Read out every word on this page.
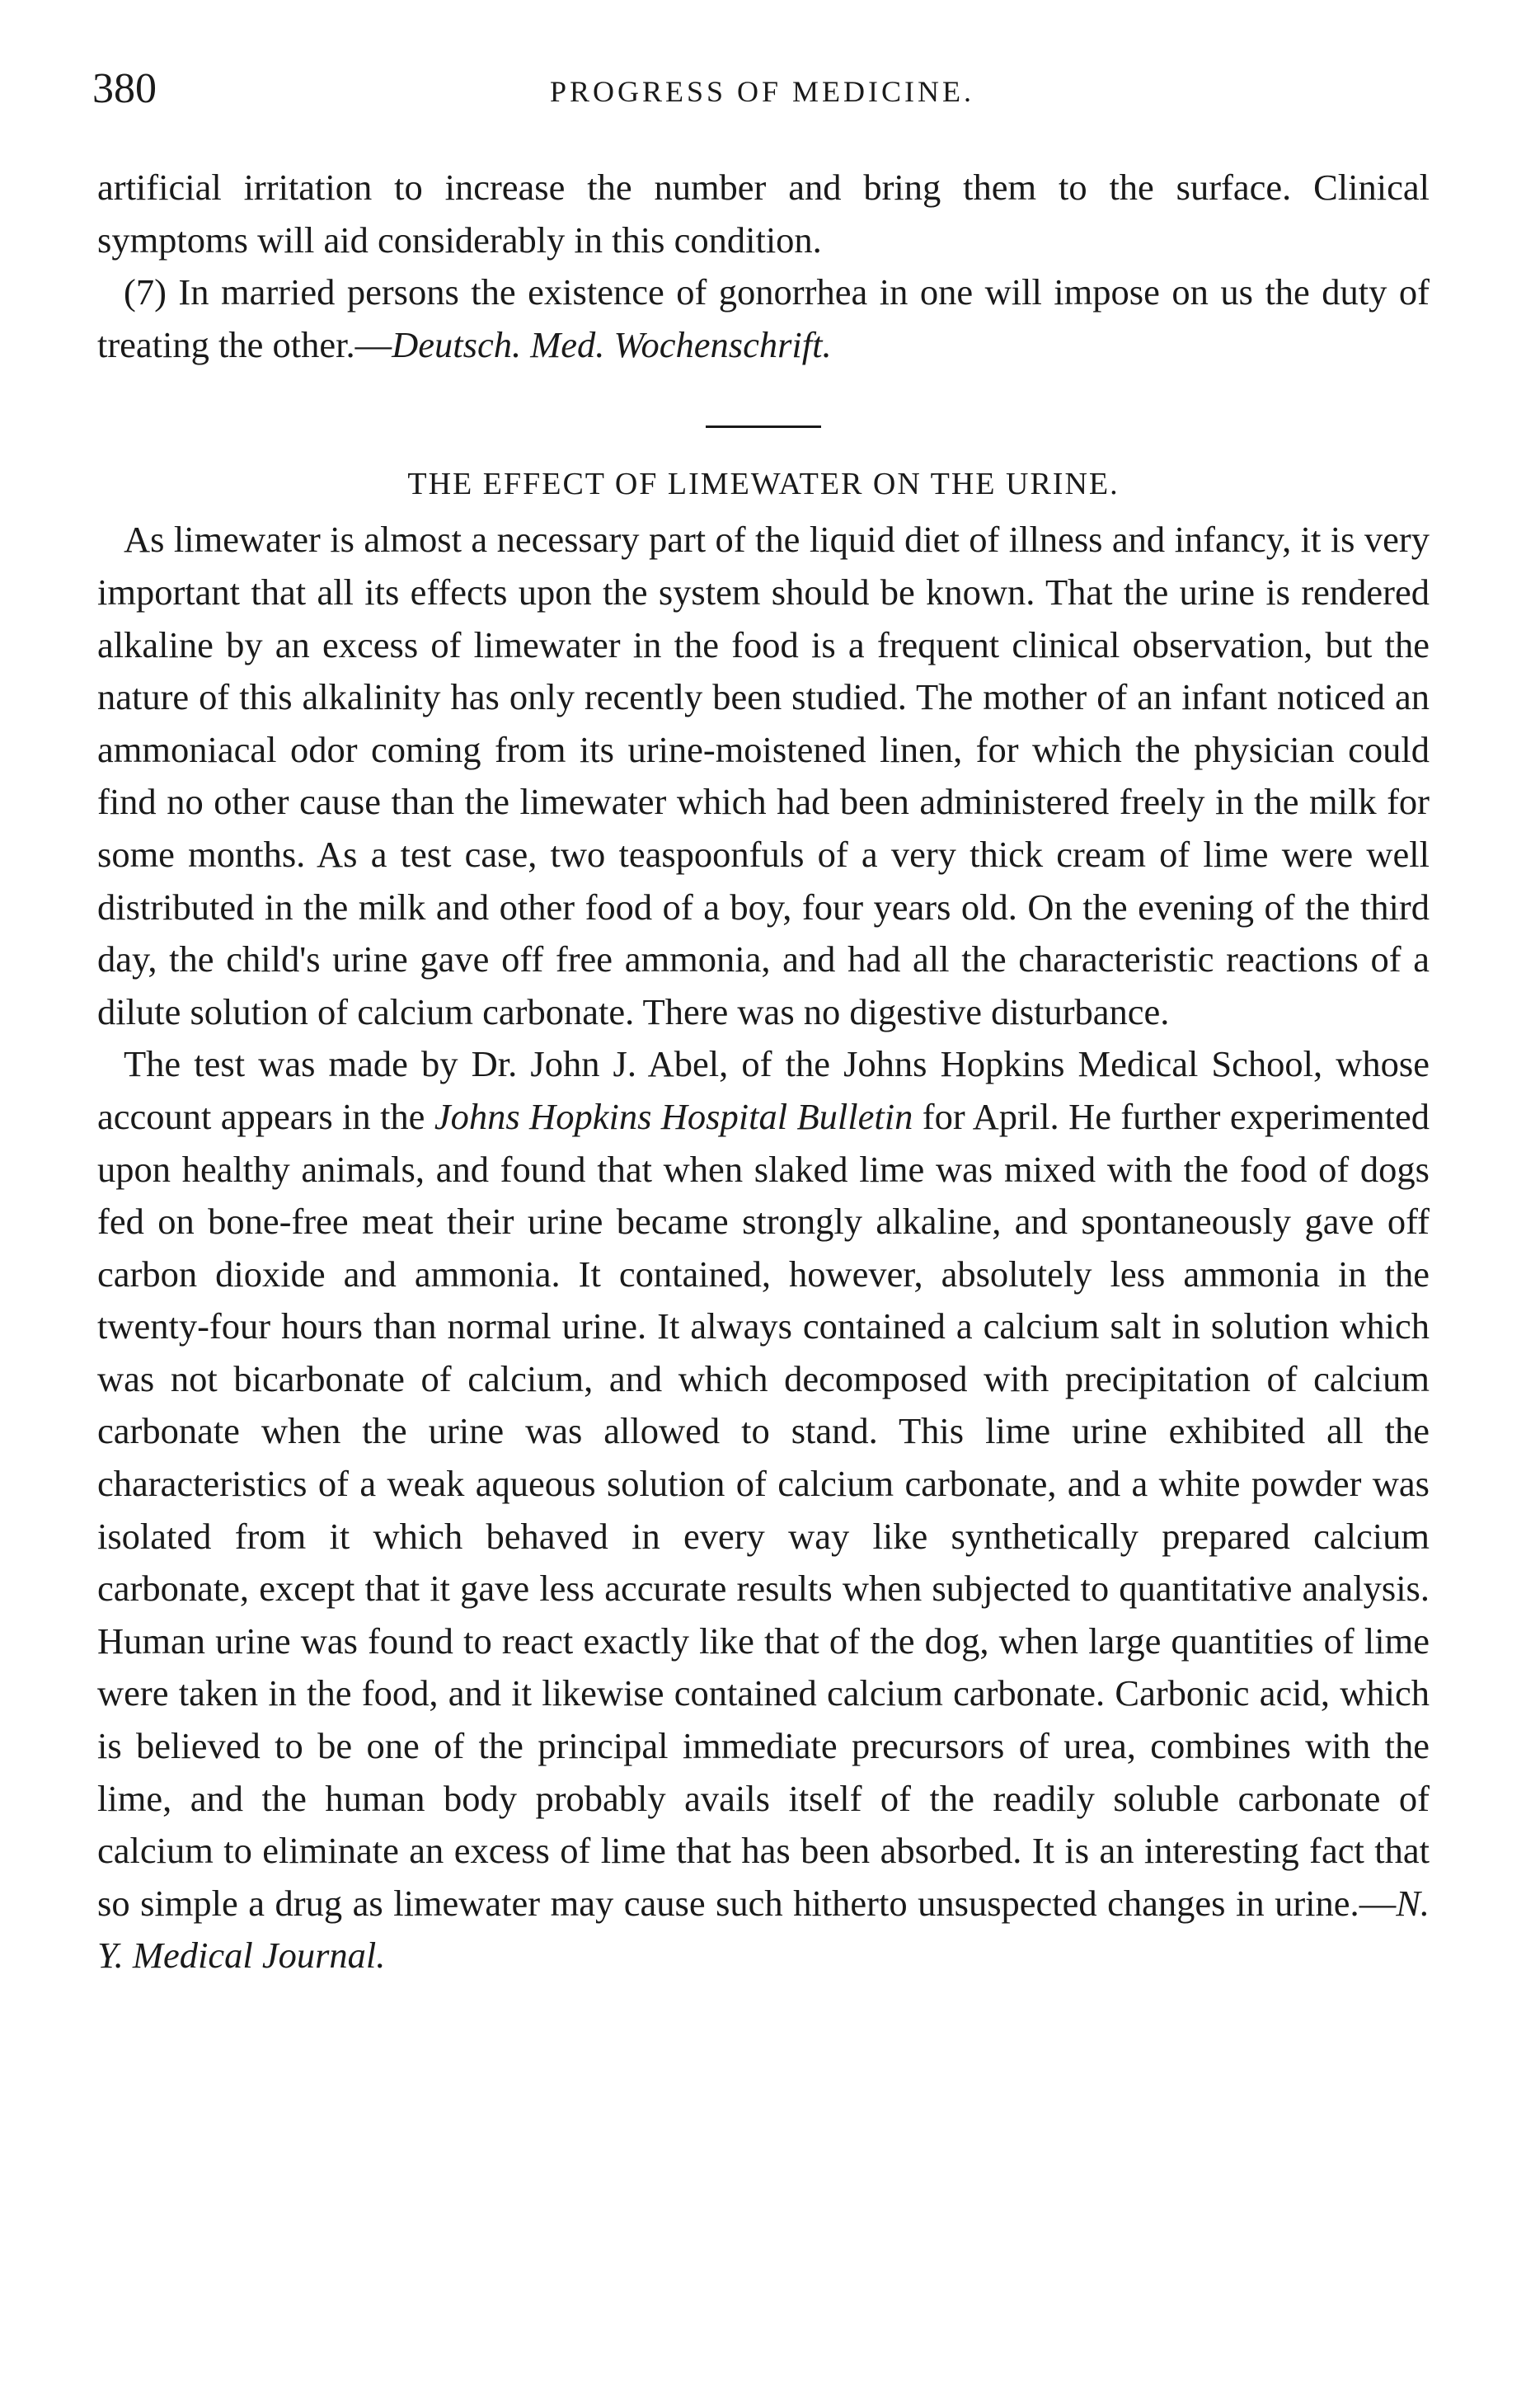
380	PROGRESS OF MEDICINE.

artificial irritation to increase the number and bring them to the surface. Clinical symptoms will aid considerably in this condition.

(7) In married persons the existence of gonorrhea in one will impose on us the duty of treating the other.—Deutsch. Med. Wochenschrift.

THE EFFECT OF LIMEWATER ON THE URINE.

As limewater is almost a necessary part of the liquid diet of illness and infancy, it is very important that all its effects upon the system should be known. That the urine is rendered alkaline by an excess of limewater in the food is a frequent clinical observation, but the nature of this alkalinity has only recently been studied. The mother of an infant noticed an ammoniacal odor coming from its urine-moistened linen, for which the physician could find no other cause than the limewater which had been administered freely in the milk for some months. As a test case, two teaspoonfuls of a very thick cream of lime were well distributed in the milk and other food of a boy, four years old. On the evening of the third day, the child's urine gave off free ammonia, and had all the characteristic reactions of a dilute solution of calcium carbonate. There was no digestive disturbance.

The test was made by Dr. John J. Abel, of the Johns Hopkins Medical School, whose account appears in the Johns Hopkins Hospital Bulletin for April. He further experimented upon healthy animals, and found that when slaked lime was mixed with the food of dogs fed on bone-free meat their urine became strongly alkaline, and spontaneously gave off carbon dioxide and ammonia. It contained, however, absolutely less ammonia in the twenty-four hours than normal urine. It always contained a calcium salt in solution which was not bicarbonate of calcium, and which decomposed with precipitation of calcium carbonate when the urine was allowed to stand. This lime urine exhibited all the characteristics of a weak aqueous solution of calcium carbonate, and a white powder was isolated from it which behaved in every way like synthetically prepared calcium carbonate, except that it gave less accurate results when subjected to quantitative analysis. Human urine was found to react exactly like that of the dog, when large quantities of lime were taken in the food, and it likewise contained calcium carbonate. Carbonic acid, which is believed to be one of the principal immediate precursors of urea, combines with the lime, and the human body probably avails itself of the readily soluble carbonate of calcium to eliminate an excess of lime that has been absorbed. It is an interesting fact that so simple a drug as limewater may cause such hitherto unsuspected changes in urine.—N. Y. Medical Journal.
